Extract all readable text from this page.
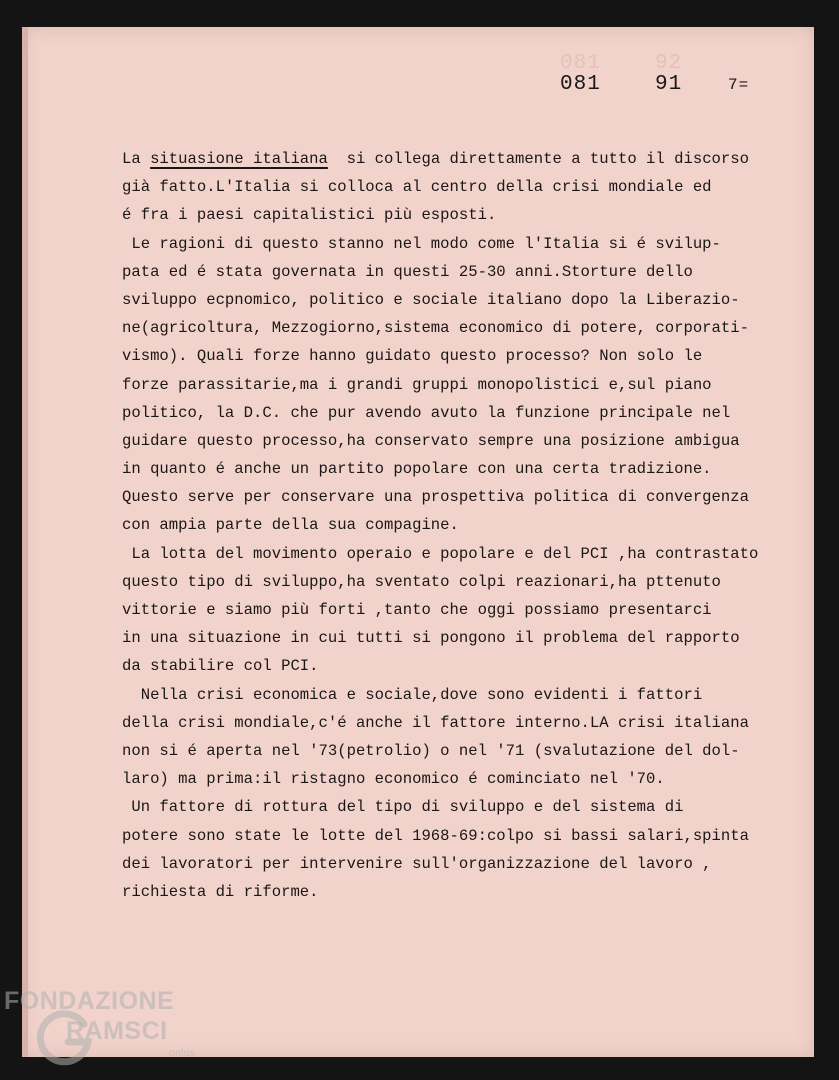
081	92
081	91	7=
La situasione italiana  si collega direttamente a tutto il discorso
già fatto.L'Italia si colloca al centro della crisi mondiale ed
é fra i paesi capitalistici più esposti.
Le ragioni di questo stanno nel modo come l'Italia si é svilup-
pata ed é stata governata in questi 25-30 anni.Storture dello
sviluppo ecpnomico, politico e sociale italiano dopo la Liberazio-
ne(agricoltura, Mezzogiorno,sistema economico di potere, corporati-
vismo). Quali forze hanno guidato questo processo? Non solo le
forze parassitarie,ma i grandi gruppi monopolistici e,sul piano
politico, la D.C. che pur avendo avuto la funzione principale nel
guidare questo processo,ha conservato sempre una posizione ambigua
in quanto é anche un partito popolare con una certa tradizione.
Questo serve per conservare una prospettiva politica di convergenza
con ampia parte della sua compagine.
La lotta del movimento operaio e popolare e del PCI ,ha contrastato
questo tipo di sviluppo,ha sventato colpi reazionari,ha pttenuto
vittorie e siamo più forti ,tanto che oggi possiamo presentarci
in una situazione in cui tutti si pongono il problema del rapporto
da stabilire col PCI.
Nella crisi economica e sociale,dove sono evidenti i fattori
della crisi mondiale,c'é anche il fattore interno.LA crisi italiana
non si é aperta nel '73(petrolio) o nel '71 (svalutazione del dol-
laro) ma prima:il ristagno economico é cominciato nel '70.
Un fattore di rottura del tipo di sviluppo e del sistema di
potere sono state le lotte del 1968-69:colpo si bassi salari,spinta
dei lavoratori per intervenire sull'organizzazione del lavoro ,
richiesta di riforme.
FONDAZIONE
RAMSCI
onlus
